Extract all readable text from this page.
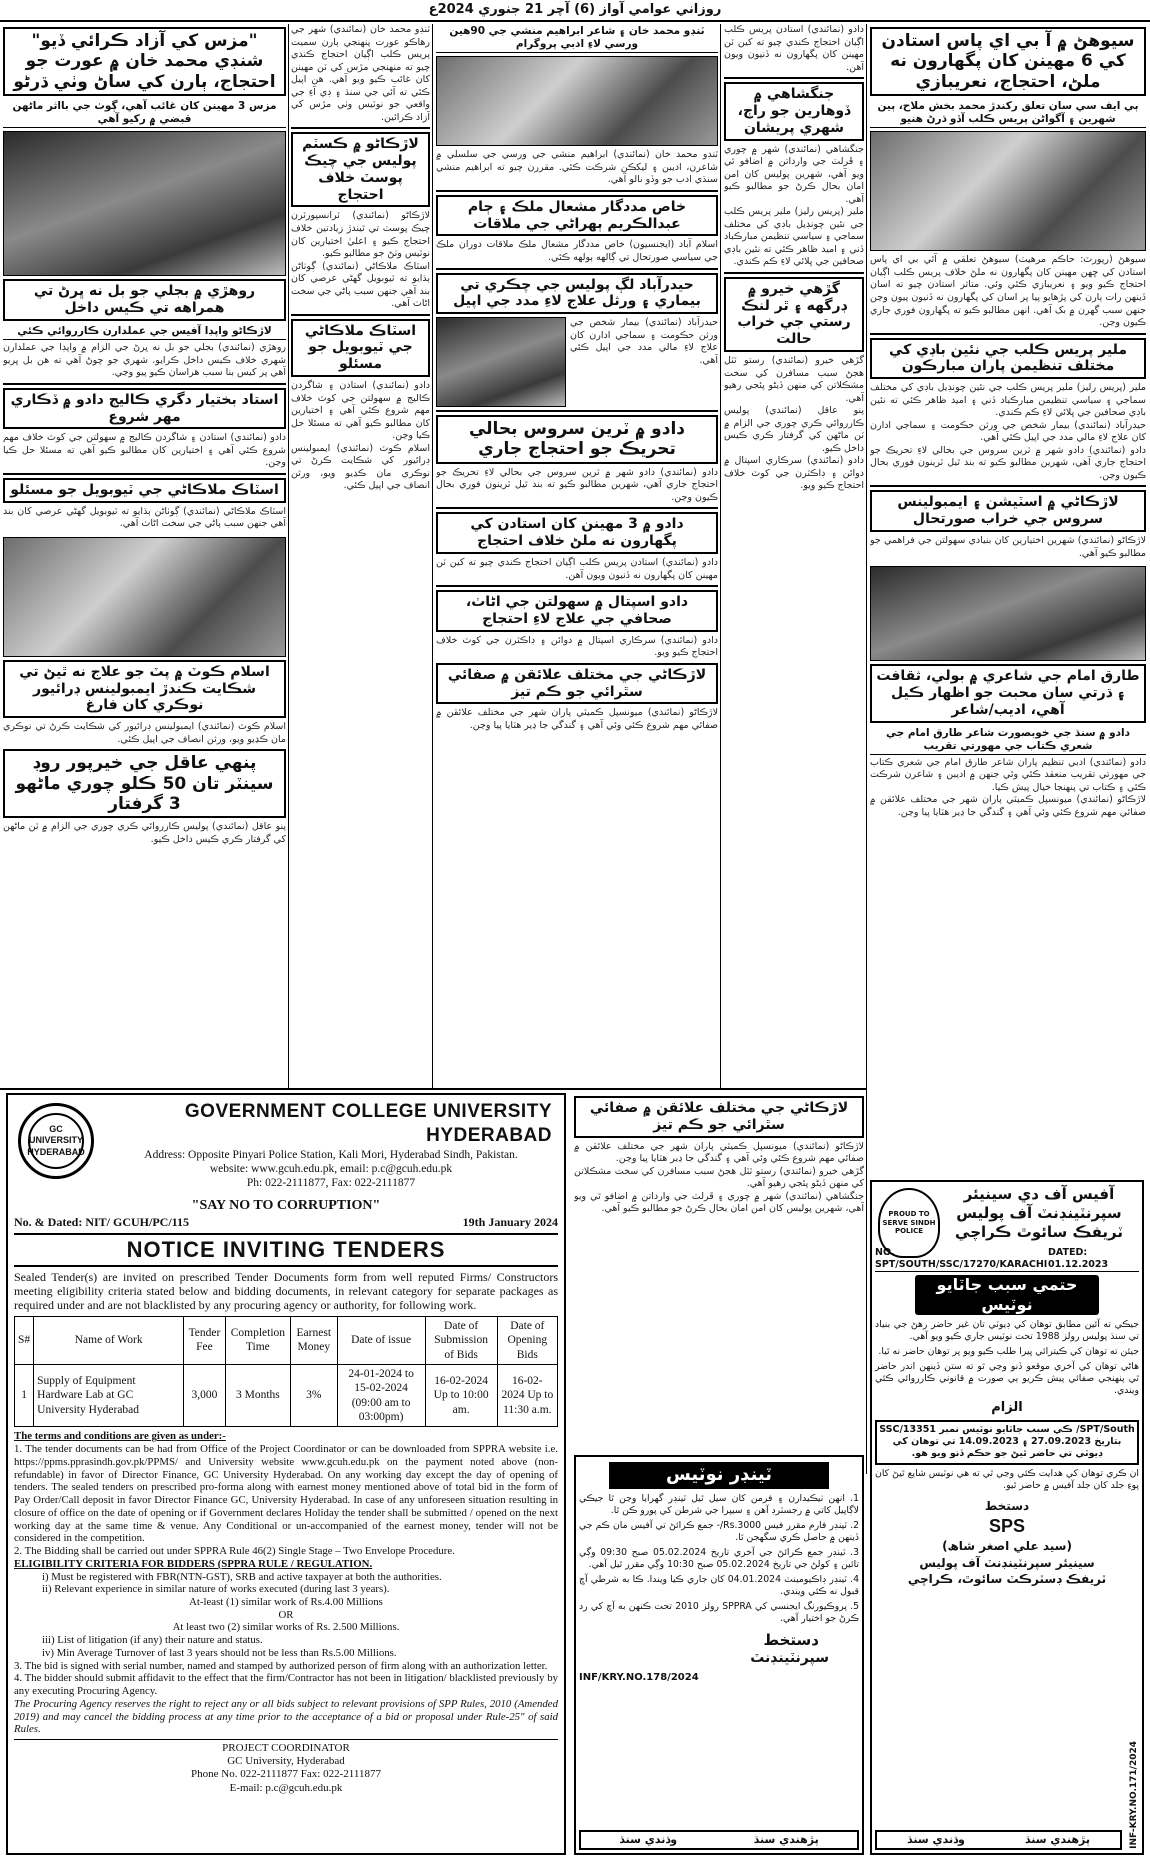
روزاني عوامي آواز (6) آچر 21 جنوري 2024ع
سيوهڻ ۾ آ بي اي پاس استادن کي 6 مهينن کان پگهارون نه ملڻ، احتجاج، نعريبازي
ٻي ايف سي سان تعلق رکندڙ محمد بخش ملاح، ٻين شهرين ۽ آگواڻن پريس ڪلب آڏو ڌرڻ هنيو
سيوهڻ (رپورٽ: حاڪم مرهيٽ) سيوهڻ تعلقي ۾ آئي بي اي پاس استادن کي ڇهن مهينن کان پگهارون نه ملڻ خلاف پريس ڪلب اڳيان احتجاج ڪيو ويو ۽ نعريبازي ڪئي وئي. متاثر استادن چيو ته اسان ڏينهن رات ٻارن کي پڙهايو پيا پر اسان کي پگهارون نه ڏنيون پيون وڃن جنهن سبب گهرن ۾ بک آهي. انهن مطالبو ڪيو ته پگهارون فوري جاري ڪيون وڃن.
ملير پريس ڪلب جي نئين باڊي کي مختلف تنظيمن پاران مبارڪون
ملير (پريس رليز) ملير پريس ڪلب جي نئين چونڊيل باڊي کي مختلف سماجي ۽ سياسي تنظيمن مبارڪباد ڏني ۽ اميد ظاهر ڪئي ته نئين باڊي صحافين جي ڀلائي لاءِ ڪم ڪندي.
حيدرآباد (نمائندي) بيمار شخص جي ورثن حڪومت ۽ سماجي ادارن کان علاج لاءِ مالي مدد جي اپيل ڪئي آهي.
دادو (نمائندي) دادو شهر ۾ ٽرين سروس جي بحالي لاءِ تحريڪ جو احتجاج جاري آهي، شهرين مطالبو ڪيو ته بند ٿيل ٽرينون فوري بحال ڪيون وڃن.
لاڙڪاڻي ۾ اسٽيشن ۽ ايمبولينس سروس جي خراب صورتحال
لاڙڪاڻو (نمائندي) شهرين اختيارين کان بنيادي سهولتن جي فراهمي جو مطالبو ڪيو آهي.
طارق امام جي شاعري ۾ بولي، ثقافت ۽ ڌرتي سان محبت جو اظهار ڪيل آهي، اديب/شاعر
دادو ۾ سنڌ جي خوبصورت شاعر طارق امام جي شعري ڪتاب جي مهورتي تقريب
دادو (نمائندي) ادبي تنظيم پاران شاعر طارق امام جي شعري ڪتاب جي مهورتي تقريب منعقد ڪئي وئي جنهن ۾ اديبن ۽ شاعرن شرڪت ڪئي ۽ ڪتاب تي پنهنجا خيال پيش ڪيا.
لاڙڪاڻو (نمائندي) ميونسپل ڪميٽي پاران شهر جي مختلف علائقن ۾ صفائي مهم شروع ڪئي وئي آهي ۽ گندگي جا ڍير هٽايا پيا وڃن.
دادو (نمائندي) استادن پريس ڪلب اڳيان احتجاج ڪندي چيو ته کين ٽن مهينن کان پگهارون نه ڏنيون ويون آهن.
جنگشاهي ۾ ڏوهارين جو راڄ، شهري پريشان
جنگشاهي (نمائندي) شهر ۾ چوري ۽ ڦرلٽ جي وارداتن ۾ اضافو ٿي ويو آهي، شهرين پوليس کان امن امان بحال ڪرڻ جو مطالبو ڪيو آهي.
ملير (پريس رليز) ملير پريس ڪلب جي نئين چونڊيل باڊي کي مختلف سماجي ۽ سياسي تنظيمن مبارڪباد ڏني ۽ اميد ظاهر ڪئي ته نئين باڊي صحافين جي ڀلائي لاءِ ڪم ڪندي.
گڙهي خيرو ۾ ڊرگهه ۽ ٿر لنڪ رستي جي خراب حالت
گڙهي خيرو (نمائندي) رستو ٽٽل هجڻ سبب مسافرن کي سخت مشڪلاتن کي منهن ڏيڻو پئجي رهيو آهي.
پنو عاقل (نمائندي) پوليس ڪارروائي ڪري چوري جي الزام ۾ ٽن ماڻهن کي گرفتار ڪري ڪيس داخل ڪيو.
دادو (نمائندي) سرڪاري اسپتال ۾ دوائن ۽ ڊاڪٽرن جي کوٽ خلاف احتجاج ڪيو ويو.
ٽنڊو محمد خان ۽ شاعر ابراهيم منشي جي 90هين ورسي لاءِ ادبي پروگرام
ٽنڊو محمد خان (نمائندي) ابراهيم منشي جي ورسي جي سلسلي ۾ شاعرن، اديبن ۽ ليکڪن شرڪت ڪئي. مقررن چيو ته ابراهيم منشي سنڌي ادب جو وڏو نالو آهي.
خاص مددگار مشعال ملڪ ۽ ڄام عبدالڪريم ٻهراڻي جي ملاقات
اسلام آباد (ايجنسيون) خاص مددگار مشعال ملڪ ملاقات دوران ملڪ جي سياسي صورتحال تي ڳالهه ٻولهه ڪئي.
حيدرآباد لڳ پوليس جي چڪري تي بيماري ۽ ورثل علاج لاءِ مدد جي اپيل
حيدرآباد (نمائندي) بيمار شخص جي ورثن حڪومت ۽ سماجي ادارن کان علاج لاءِ مالي مدد جي اپيل ڪئي آهي.
دادو ۾ ٽرين سروس بحالي تحريڪ جو احتجاج جاري
دادو (نمائندي) دادو شهر ۾ ٽرين سروس جي بحالي لاءِ تحريڪ جو احتجاج جاري آهي، شهرين مطالبو ڪيو ته بند ٿيل ٽرينون فوري بحال ڪيون وڃن.
دادو ۾ 3 مهينن کان استادن کي پگهارون نه ملڻ خلاف احتجاج
دادو (نمائندي) استادن پريس ڪلب اڳيان احتجاج ڪندي چيو ته کين ٽن مهينن کان پگهارون نه ڏنيون ويون آهن.
دادو اسپتال ۾ سهولتن جي اڻاٺ، صحافي جي علاج لاءِ احتجاج
دادو (نمائندي) سرڪاري اسپتال ۾ دوائن ۽ ڊاڪٽرن جي کوٽ خلاف احتجاج ڪيو ويو.
لاڙڪاڻي جي مختلف علائقن ۾ صفائي سٿرائي جو ڪم تيز
لاڙڪاڻو (نمائندي) ميونسپل ڪميٽي پاران شهر جي مختلف علائقن ۾ صفائي مهم شروع ڪئي وئي آهي ۽ گندگي جا ڍير هٽايا پيا وڃن.
ٽنڊو محمد خان (نمائندي) شهر جي رهاڪو عورت پنهنجي ٻارن سميت پريس ڪلب اڳيان احتجاج ڪندي چيو ته منهنجي مڙس کي ٽن مهينن کان غائب ڪيو ويو آهي. هن اپيل ڪئي ته آئي جي سنڌ ۽ ڊي آءِ جي واقعي جو نوٽيس وٺي مڙس کي آزاد ڪرائين.
لاڙڪاڻو ۾ ڪسٽم پوليس جي چيڪ پوسٽ خلاف احتجاج
لاڙڪاڻو (نمائندي) ٽرانسپورٽرن چيڪ پوسٽ تي ٿيندڙ زيادتين خلاف احتجاج ڪيو ۽ اعليٰ اختيارين کان نوٽيس وٺڻ جو مطالبو ڪيو.
اسٽاڪ ملاڪاڻي (نمائندي) ڳوٺاڻن ٻڌايو ته ٽيوبويل گهڻي عرصي کان بند آهي جنهن سبب پاڻي جي سخت اڻاٺ آهي.
اسٽاڪ ملاڪاڻي جي ٽيوبويل جو مسئلو
دادو (نمائندي) استادن ۽ شاگردن ڪاليج ۾ سهولتن جي کوٽ خلاف مهم شروع ڪئي آهي ۽ اختيارين کان مطالبو ڪيو آهي ته مسئلا حل ڪيا وڃن.
اسلام ڪوٽ (نمائندي) ايمبولينس ڊرائيور کي شڪايت ڪرڻ تي نوڪري مان ڪڍيو ويو، ورثن انصاف جي اپيل ڪئي.
"مزس کي آزاد ڪرائي ڏيو" شنڊي محمد خان ۾ عورت جو احتجاج، ٻارن کي ساڻ وٺي ڌرڻو
مزس 3 مهينن کان غائب آهي، ڳوٺ جي بااثر ماڻهن قبضي ۾ رکيو آهي
روهڙي ۾ بجلي جو بل نه ڀرڻ تي همراهه تي ڪيس داخل
لاڙڪاڻو واپڊا آفيس جي عملدارن ڪارروائي ڪئي
روهڙي (نمائندي) بجلي جو بل نه ڀرڻ جي الزام ۾ واپڊا جي عملدارن شهري خلاف ڪيس داخل ڪرايو. شهري جو چوڻ آهي ته هن بل ڀريو آهي پر کيس بنا سبب هراسان ڪيو پيو وڃي.
استاد بختيار دگري ڪاليج دادو ۾ ڏڪاري مهر شروع
دادو (نمائندي) استادن ۽ شاگردن ڪاليج ۾ سهولتن جي کوٽ خلاف مهم شروع ڪئي آهي ۽ اختيارين کان مطالبو ڪيو آهي ته مسئلا حل ڪيا وڃن.
اسٽاڪ ملاڪاڻي جي ٽيوبويل جو مسئلو
اسٽاڪ ملاڪاڻي (نمائندي) ڳوٺاڻن ٻڌايو ته ٽيوبويل گهڻي عرصي کان بند آهي جنهن سبب پاڻي جي سخت اڻاٺ آهي.
اسلام ڪوٽ ۾ پٽ جو علاج نه ٿيڻ تي شڪايت ڪندڙ ايمبولينس ڊرائيور نوڪري کان فارغ
اسلام ڪوٽ (نمائندي) ايمبولينس ڊرائيور کي شڪايت ڪرڻ تي نوڪري مان ڪڍيو ويو، ورثن انصاف جي اپيل ڪئي.
پنهي عاقل جي خيرپور روڊ سينٽر تان 50 ڪلو چوري ماڻهو 3 گرفتار
پنو عاقل (نمائندي) پوليس ڪارروائي ڪري چوري جي الزام ۾ ٽن ماڻهن کي گرفتار ڪري ڪيس داخل ڪيو.
GC UNIVERSITY HYDERABAD
GOVERNMENT COLLEGE UNIVERSITY HYDERABAD
Address: Opposite Pinyari Police Station, Kali Mori, Hyderabad Sindh, Pakistan.
website: www.gcuh.edu.pk, email: p.c@gcuh.edu.pk
Ph: 022-2111877, Fax: 022-2111877
"SAY NO TO CORRUPTION"
No. & Dated: NIT/ GCUH/PC/115	19th January 2024
NOTICE INVITING TENDERS
Sealed Tender(s) are invited on prescribed Tender Documents form from well reputed Firms/ Constructors meeting eligibility criteria stated below and bidding documents, in relevant category for separate packages as required under and are not blacklisted by any procuring agency or authority, for following work.
S#	Name of Work	Tender Fee	Completion Time	Earnest Money	Date of issue	Date of Submission of Bids	Date of Opening Bids
1	Supply of Equipment Hardware Lab at GC University Hyderabad	3,000	3 Months	3%	24-01-2024 to 15-02-2024 (09:00 am to 03:00pm)	16-02-2024 Up to 10:00 am.	16-02-2024 Up to 11:30 a.m.
The terms and conditions are given as under:-
1. The tender documents can be had from Office of the Project Coordinator or can be downloaded from SPPRA website i.e. https://ppms.pprasindh.gov.pk/PPMS/ and University website www.gcuh.edu.pk on the payment noted above (non-refundable) in favor of Director Finance, GC University Hyderabad. On any working day except the day of opening of tenders. The sealed tenders on prescribed pro-forma along with earnest money mentioned above of total bid in the form of Pay Order/Call deposit in favor Director Finance GC, University Hyderabad. In case of any unforeseen situation resulting in closure of office on the date of opening or if Government declares Holiday the tender shall be submitted / opened on the next working day at the same time & venue. Any Conditional or un-accompanied of the earnest money, tender will not be considered in the competition.
2. The Bidding shall be carried out under SPPRA Rule 46(2) Single Stage – Two Envelope Procedure.
ELIGIBILITY CRITERIA FOR BIDDERS (SPPRA RULE / REGULATION.
i) Must be registered with FBR(NTN-GST), SRB and active taxpayer at both the authorities.
ii) Relevant experience in similar nature of works executed (during last 3 years).
At-least (1) similar work of Rs.4.00 Millions
OR
At least two (2) similar works of Rs. 2.500 Millions.
iii) List of litigation (if any) their nature and status.
iv) Min Average Turnover of last 3 years should not be less than Rs.5.00 Millions.
3. The bid is signed with serial number, named and stamped by authorized person of firm along with an authorization letter.
4. The bidder should submit affidavit to the effect that the firm/Contractor has not been in litigation/ blacklisted previously by any executing Procuring Agency.
The Procuring Agency reserves the right to reject any or all bids subject to relevant provisions of SPP Rules, 2010 (Amended 2019) and may cancel the bidding process at any time prior to the acceptance of a bid or proposal under Rule-25" of said Rules.
PROJECT COORDINATOR
GC University, Hyderabad
Phone No. 022-2111877 Fax: 022-2111877
E-mail: p.c@gcuh.edu.pk
لاڙڪاڻي جي مختلف علائقن ۾ صفائي سٿرائي جو ڪم تيز
لاڙڪاڻو (نمائندي) ميونسپل ڪميٽي پاران شهر جي مختلف علائقن ۾ صفائي مهم شروع ڪئي وئي آهي ۽ گندگي جا ڍير هٽايا پيا وڃن.
گڙهي خيرو (نمائندي) رستو ٽٽل هجڻ سبب مسافرن کي سخت مشڪلاتن کي منهن ڏيڻو پئجي رهيو آهي.
جنگشاهي (نمائندي) شهر ۾ چوري ۽ ڦرلٽ جي وارداتن ۾ اضافو ٿي ويو آهي، شهرين پوليس کان امن امان بحال ڪرڻ جو مطالبو ڪيو آهي.
ٽينڊر نوٽيس
1. انهن ٺيڪيدارن ۽ فرمن کان سيل ٿيل ٽينڊر گهرايا وڃن ٿا جيڪي لاڳاپيل کاتي ۾ رجسٽرڊ آهن ۽ سيپرا جي شرطن کي پورو ڪن ٿا.
2. ٽينڊر فارم مقرر فيس Rs.3000/- جمع ڪرائڻ تي آفيس مان ڪم جي ڏينهن ۾ حاصل ڪري سگهجن ٿا.
3. ٽينڊر جمع ڪرائڻ جي آخري تاريخ 05.02.2024 صبح 09:30 وڳي تائين ۽ کولڻ جي تاريخ 05.02.2024 صبح 10:30 وڳي مقرر ٿيل آهي.
4. ٽينڊر ڊاڪيومينٽ 04.01.2024 کان جاري ڪيا ويندا. ڪا به شرطي آڇ قبول نه ڪئي ويندي.
5. پروڪيورنگ ايجنسي کي SPPRA رولز 2010 تحت ڪنهن به آڇ کي رد ڪرڻ جو اختيار آهي.
دستخط
سپرنٽينڊنٽ
INF/KRY.NO.178/2024
پڙهندي سنڌ
وڌندي سنڌ
PROUD TO SERVE SINDH POLICE
آفيس آف دي سينيئر سپرنٽينڊنٽ آف پوليس ٽريفڪ سائوٿ ڪراچي
NO. SPT/SOUTH/SSC/17270/KARACHI
DATED: 01.12.2023
حتمي سبب جاٽايو نوٽيس
جيڪي ته آئين مطابق توهان کي ڊيوٽي تان غير حاضر رهڻ جي بنياد تي سنڌ پوليس رولز 1988 تحت نوٽيس جاري ڪيو ويو آهي.
جيئن ته توهان کي ڪيترائي ڀيرا طلب ڪيو ويو پر توهان حاضر نه ٿيا.
هاڻي توهان کي آخري موقعو ڏنو وڃي ٿو ته ستن ڏينهن اندر حاضر ٿي پنهنجي صفائي پيش ڪريو ٻي صورت ۾ قانوني ڪارروائي ڪئي ويندي.
الزام
SPT/South/ ڪي سبب جاٽايو نوٽيس نمبر SSC/13351 بتاريخ 27.09.2023 ۽ 14.09.2023 تي توهان کي ڊيوٽي تي حاضر ٿيڻ جو حڪم ڏنو ويو هو.
ان ڪري توهان کي هدايت ڪئي وڃي ٿي ته هي نوٽيس شايع ٿيڻ کان پوءِ جلد کان جلد آفيس ۾ حاضر ٿيو.
دستخط
SPS
(سيد علي اصغر شاھ)
سينيئر سپرنٽينڊنٽ آف پوليس
ٽريفڪ ڊسٽرڪٽ سائوٿ، ڪراچي
INF-KRY.NO.171/2024
پڙهندي سنڌ
وڌندي سنڌ
